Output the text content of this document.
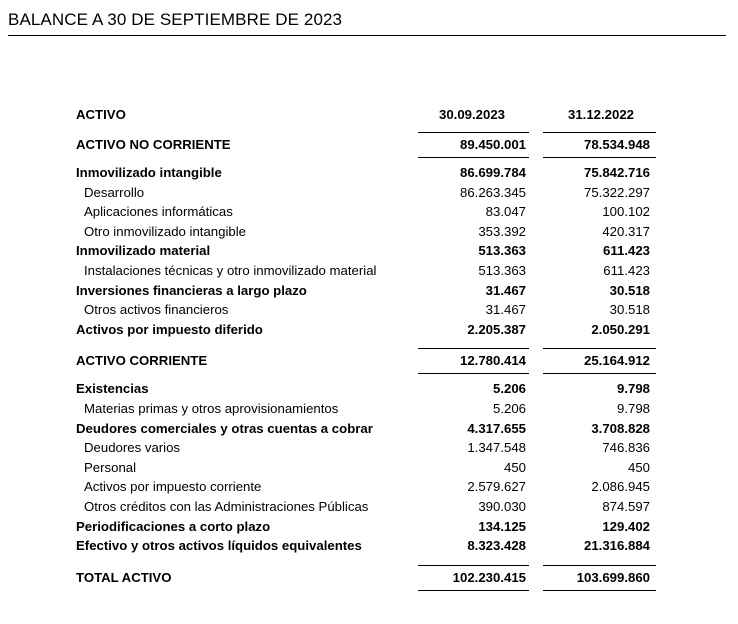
BALANCE A 30 DE SEPTIEMBRE DE 2023
ACTIVO	30.09.2023	31.12.2022
ACTIVO NO CORRIENTE	89.450.001	78.534.948
Inmovilizado intangible	86.699.784	75.842.716
Desarrollo	86.263.345	75.322.297
Aplicaciones informáticas	83.047	100.102
Otro inmovilizado intangible	353.392	420.317
Inmovilizado material	513.363	611.423
Instalaciones técnicas y otro inmovilizado material	513.363	611.423
Inversiones financieras a largo plazo	31.467	30.518
Otros activos financieros	31.467	30.518
Activos por impuesto diferido	2.205.387	2.050.291
ACTIVO CORRIENTE	12.780.414	25.164.912
Existencias	5.206	9.798
Materias primas y otros aprovisionamientos	5.206	9.798
Deudores comerciales y otras cuentas a cobrar	4.317.655	3.708.828
Deudores varios	1.347.548	746.836
Personal	450	450
Activos por impuesto corriente	2.579.627	2.086.945
Otros créditos con las Administraciones Públicas	390.030	874.597
Periodificaciones a corto plazo	134.125	129.402
Efectivo y otros activos líquidos equivalentes	8.323.428	21.316.884
TOTAL ACTIVO	102.230.415	103.699.860
